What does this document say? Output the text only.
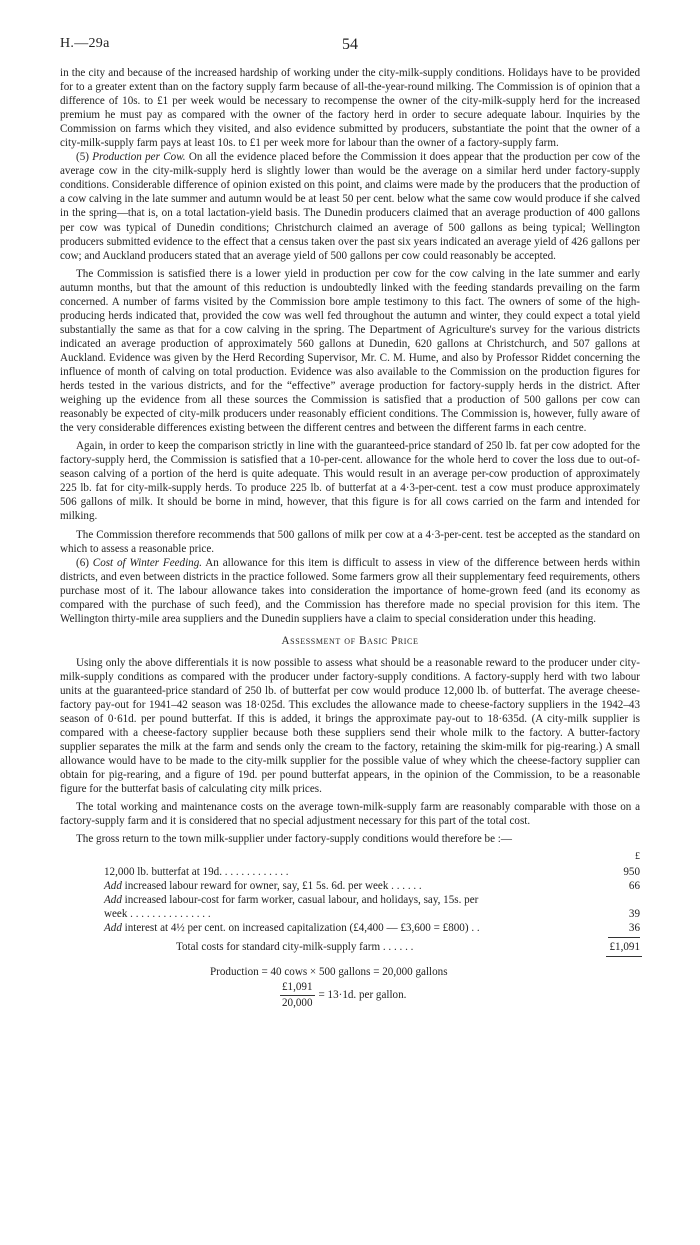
H.—29a	54

in the city and because of the increased hardship of working under the city-milk-supply conditions. Holidays have to be provided for to a greater extent than on the factory supply farm because of all-the-year-round milking. The Commission is of opinion that a difference of 10s. to £1 per week would be necessary to recompense the owner of the city-milk-supply herd for the increased premium he must pay as compared with the owner of the factory herd in order to secure adequate labour. Inquiries by the Commission on farms which they visited, and also evidence submitted by producers, substantiate the point that the owner of a city-milk-supply farm pays at least 10s. to £1 per week more for labour than the owner of a factory-supply farm.

(5) Production per Cow. On all the evidence placed before the Commission it does appear that the production per cow of the average cow in the city-milk-supply herd is slightly lower than would be the average on a similar herd under factory-supply conditions. Considerable difference of opinion existed on this point, and claims were made by the producers that the production of a cow calving in the late summer and autumn would be at least 50 per cent. below what the same cow would produce if she calved in the spring—that is, on a total lactation-yield basis. The Dunedin producers claimed that an average production of 400 gallons per cow was typical of Dunedin conditions; Christchurch claimed an average of 500 gallons as being typical; Wellington producers submitted evidence to the effect that a census taken over the past six years indicated an average yield of 426 gallons per cow; and Auckland producers stated that an average yield of 500 gallons per cow could reasonably be accepted.

The Commission is satisfied there is a lower yield in production per cow for the cow calving in the late summer and early autumn months, but that the amount of this reduction is undoubtedly linked with the feeding standards prevailing on the farm concerned. A number of farms visited by the Commission bore ample testimony to this fact. The owners of some of the high-producing herds indicated that, provided the cow was well fed throughout the autumn and winter, they could expect a total yield substantially the same as that for a cow calving in the spring. The Department of Agriculture's survey for the various districts indicated an average production of approximately 560 gallons at Dunedin, 620 gallons at Christchurch, and 507 gallons at Auckland. Evidence was given by the Herd Recording Supervisor, Mr. C. M. Hume, and also by Professor Riddet concerning the influence of month of calving on total production. Evidence was also available to the Commission on the production figures for herds tested in the various districts, and for the “effective” average production for factory-supply herds in the district. After weighing up the evidence from all these sources the Commission is satisfied that a production of 500 gallons per cow can reasonably be expected of city-milk producers under reasonably efficient conditions. The Commission is, however, fully aware of the very considerable differences existing between the different centres and between the different farms in each centre.

Again, in order to keep the comparison strictly in line with the guaranteed-price standard of 250 lb. fat per cow adopted for the factory-supply herd, the Commission is satisfied that a 10-per-cent. allowance for the whole herd to cover the loss due to out-of-season calving of a portion of the herd is quite adequate. This would result in an average per-cow production of approximately 225 lb. fat for city-milk-supply herds. To produce 225 lb. of butterfat at a 4·3-per-cent. test a cow must produce approximately 506 gallons of milk. It should be borne in mind, however, that this figure is for all cows carried on the farm and intended for milking.

The Commission therefore recommends that 500 gallons of milk per cow at a 4·3-per-cent. test be accepted as the standard on which to assess a reasonable price.

(6) Cost of Winter Feeding. An allowance for this item is difficult to assess in view of the difference between herds within districts, and even between districts in the practice followed. Some farmers grow all their supplementary feed requirements, others purchase most of it. The labour allowance takes into consideration the importance of home-grown feed (and its economy as compared with the purchase of such feed), and the Commission has therefore made no special provision for this item. The Wellington thirty-mile area suppliers and the Dunedin suppliers have a claim to special consideration under this heading.

Assessment of Basic Price

Using only the above differentials it is now possible to assess what should be a reasonable reward to the producer under city-milk-supply conditions as compared with the producer under factory-supply conditions. A factory-supply herd with two labour units at the guaranteed-price standard of 250 lb. of butterfat per cow would produce 12,000 lb. of butterfat. The average cheese-factory pay-out for 1941–42 season was 18·025d. This excludes the allowance made to cheese-factory suppliers in the 1942–43 season of 0·61d. per pound butterfat. If this is added, it brings the approximate pay-out to 18·635d. (A city-milk supplier is compared with a cheese-factory supplier because both these suppliers send their whole milk to the factory. A butter-factory supplier separates the milk at the farm and sends only the cream to the factory, retaining the skim-milk for pig-rearing.) A small allowance would have to be made to the city-milk supplier for the possible value of whey which the cheese-factory supplier can obtain for pig-rearing, and a figure of 19d. per pound butterfat appears, in the opinion of the Commission, to be a reasonable figure for the butterfat basis of calculating city milk prices.

The total working and maintenance costs on the average town-milk-supply farm are reasonably comparable with those on a factory-supply farm and it is considered that no special adjustment necessary for this part of the total cost.

The gross return to the town milk-supplier under factory-supply conditions would therefore be :—

£
12,000 lb. butterfat at 19d. . . . . . . . . . . . .	950
Add increased labour reward for owner, say, £1 5s. 6d. per week . . . . . .	66
Add increased labour-cost for farm worker, casual labour, and holidays, say, 15s. per
week . . . . . . . . . . . . . . .	39
Add interest at 4½ per cent. on increased capitalization (£4,400 — £3,600 = £800) . .	36
Total costs for standard city-milk-supply farm . . . . . .	£1,091
Production = 40 cows × 500 gallons = 20,000 gallons
$\frac{£1,091}{20,000} = 13\cdot 1d$. per gallon.
